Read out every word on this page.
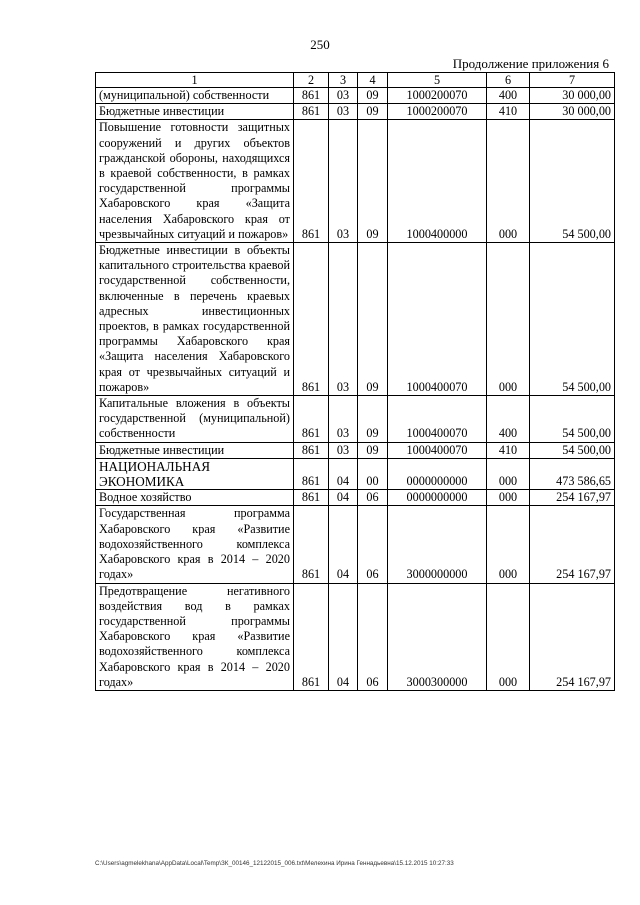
250
Продолжение приложения 6
1	2	3	4	5	6	7
(муниципальной) собственности	861	03	09	1000200070	400	30 000,00
Бюджетные инвестиции	861	03	09	1000200070	410	30 000,00
Повышение готовности защитных сооружений и других объектов гражданской обороны, находящихся в краевой собственности, в рамках государственной программы Хабаровского края «Защита населения Хабаровского края от чрезвычайных ситуаций и пожаров»	861	03	09	1000400000	000	54 500,00
Бюджетные инвестиции в объекты капитального строительства краевой государственной собственности, включенные в перечень краевых адресных инвестиционных проектов, в рамках государственной программы Хабаровского края «Защита населения Хабаровского края от чрезвычайных ситуаций и пожаров»	861	03	09	1000400070	000	54 500,00
Капитальные вложения в объекты государственной (муниципальной) собственности	861	03	09	1000400070	400	54 500,00
Бюджетные инвестиции	861	03	09	1000400070	410	54 500,00
НАЦИОНАЛЬНАЯ ЭКОНОМИКА	861	04	00	0000000000	000	473 586,65
Водное хозяйство	861	04	06	0000000000	000	254 167,97
Государственная программа Хабаровского края «Развитие водохозяйственного комплекса Хабаровского края в 2014 – 2020 годах»	861	04	06	3000000000	000	254 167,97
Предотвращение негативного воздействия вод в рамках государственной программы Хабаровского края «Развитие водохозяйственного комплекса Хабаровского края в 2014 – 2020 годах»	861	04	06	3000300000	000	254 167,97
C:\Users\agmelekhana\AppData\Local\Temp\ЗК_00146_12122015_006.txt\Мелехина Ирина Геннадьевна\15.12.2015 10:27:33
